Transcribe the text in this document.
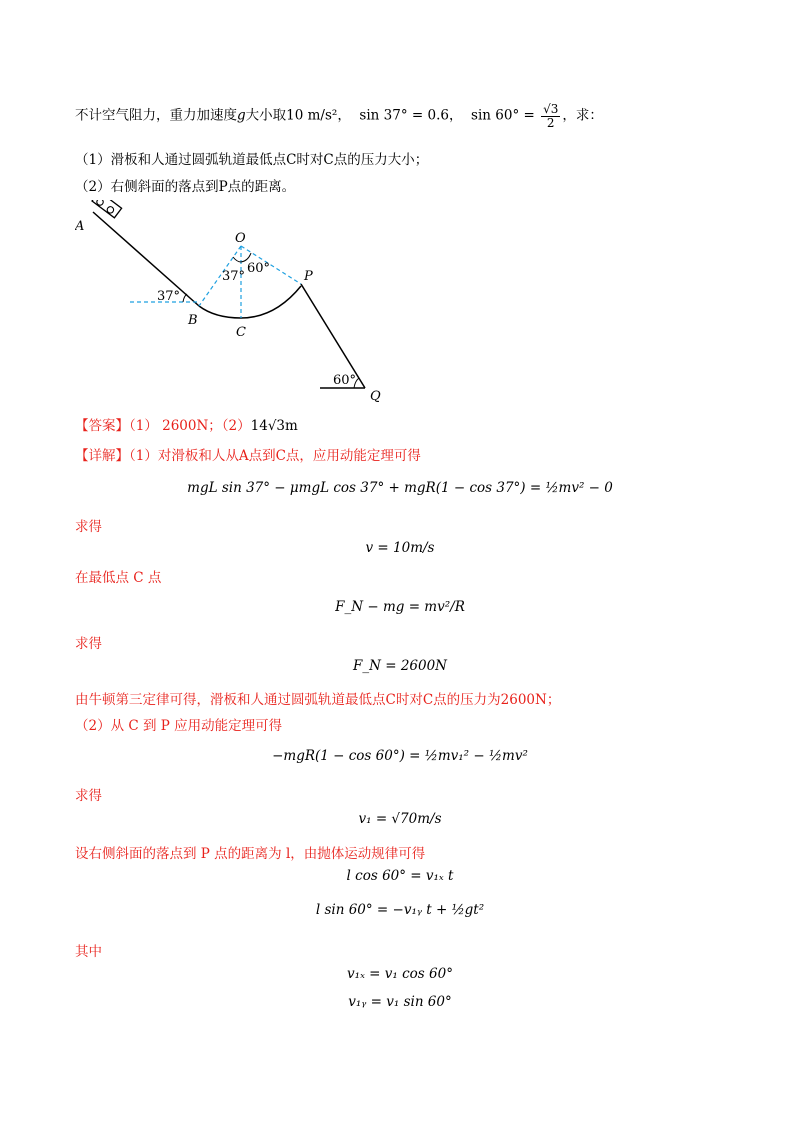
不计空气阻力，重力加速度g大小取10 m/s²，  sin 37° = 0.6，  $\sin 60^\circ = \frac{√3}{2}$ ，求：
（1）滑板和人通过圆弧轨道最低点C时对C点的压力大小；
（2）右侧斜面的落点到P点的距离。
A
B
C
O
P
Q
37°
37°
60°
60°
【答案】（1） 2600N；（2）14√3m
【详解】（1）对滑板和人从A点到C点，应用动能定理可得
mgL sin 37° − μmgL cos 37° + mgR(1 − cos 37°) = ½mv² − 0
求得
v = 10m/s
在最低点 C 点
F_N − mg = mv²/R
求得
F_N = 2600N
由牛顿第三定律可得，滑板和人通过圆弧轨道最低点C时对C点的压力为2600N；
（2）从 C 到 P 应用动能定理可得
−mgR(1 − cos 60°) = ½mv₁² − ½mv²
求得
v₁ = √70m/s
设右侧斜面的落点到 P 点的距离为 l，由抛体运动规律可得
l cos 60° = v₁ₓ t
l sin 60° = −v₁ᵧ t + ½gt²
其中
v₁ₓ = v₁ cos 60°
v₁ᵧ = v₁ sin 60°
